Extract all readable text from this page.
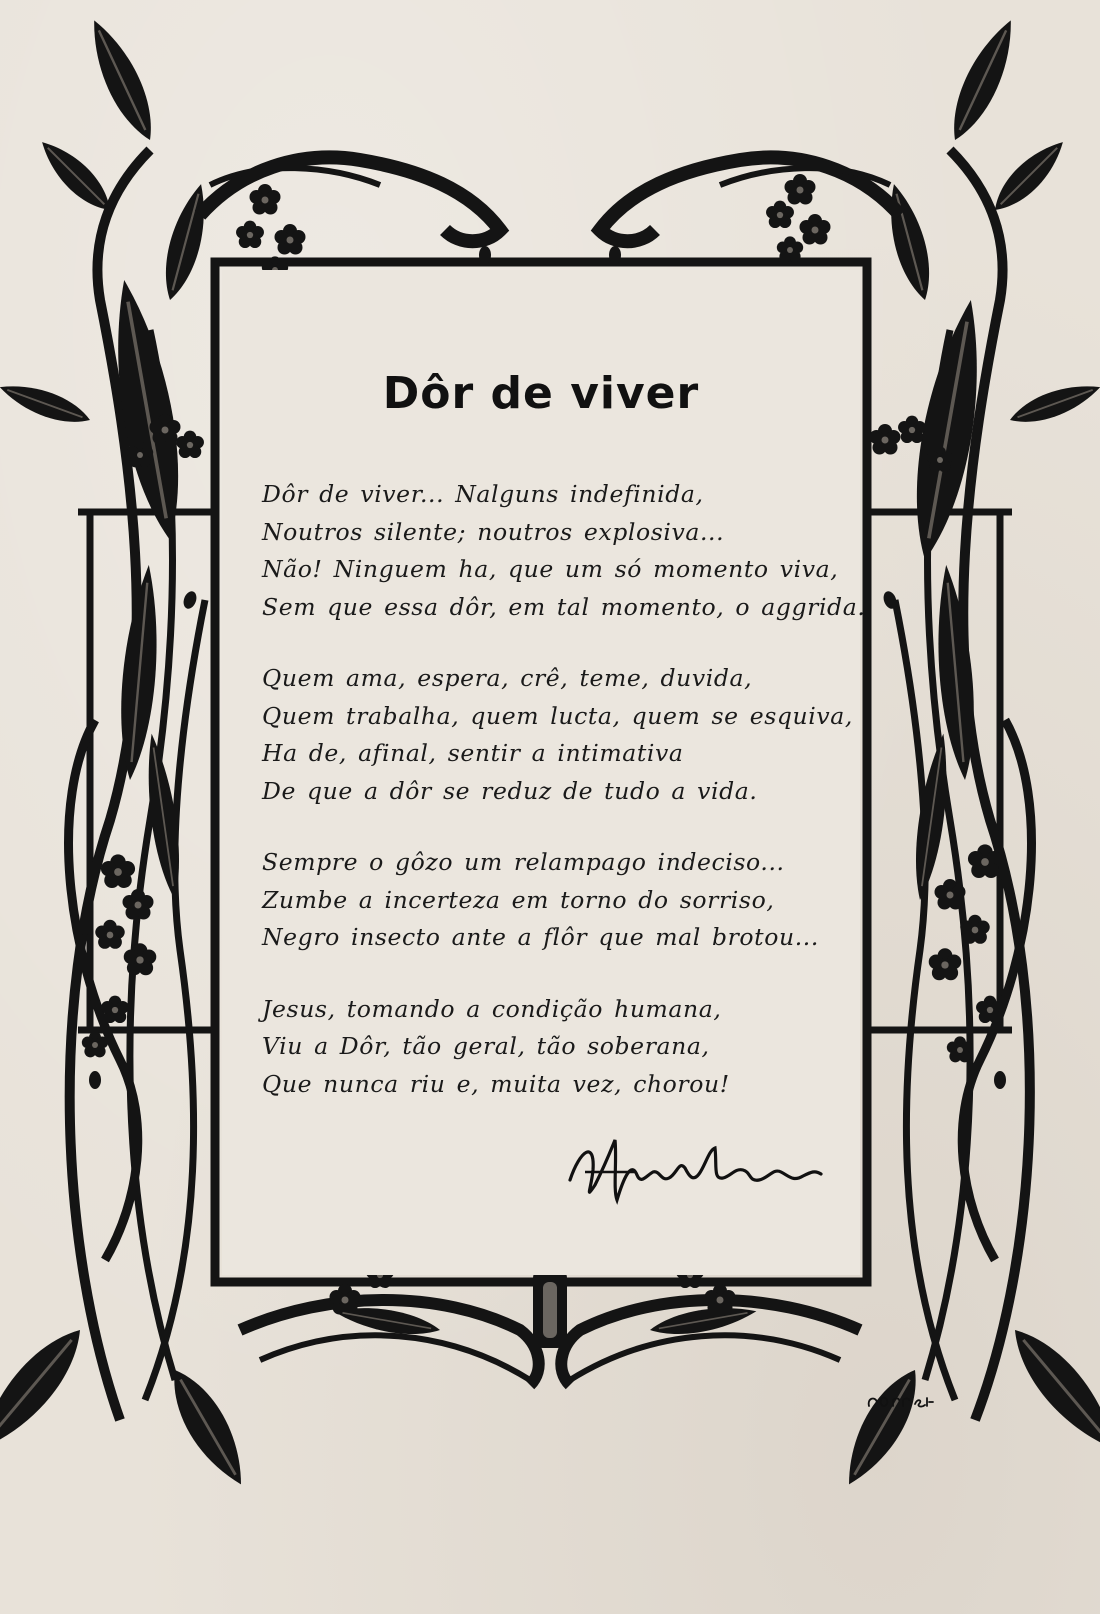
Dôr de viver
Dôr de viver... Nalguns indefinida,
Noutros silente; noutros explosiva...
Não! Ninguem ha, que um só momento viva,
Sem que essa dôr, em tal momento, o aggrida.
Quem ama, espera, crê, teme, duvida,
Quem trabalha, quem lucta, quem se esquiva,
Ha de, afinal, sentir a intimativa
De que a dôr se reduz de tudo a vida.
Sempre o gôzo um relampago indeciso...
Zumbe a incerteza em torno do sorriso,
Negro insecto ante a flôr que mal brotou...
Jesus, tomando a condição humana,
Viu a Dôr, tão geral, tão soberana,
Que nunca riu e, muita vez, chorou!
